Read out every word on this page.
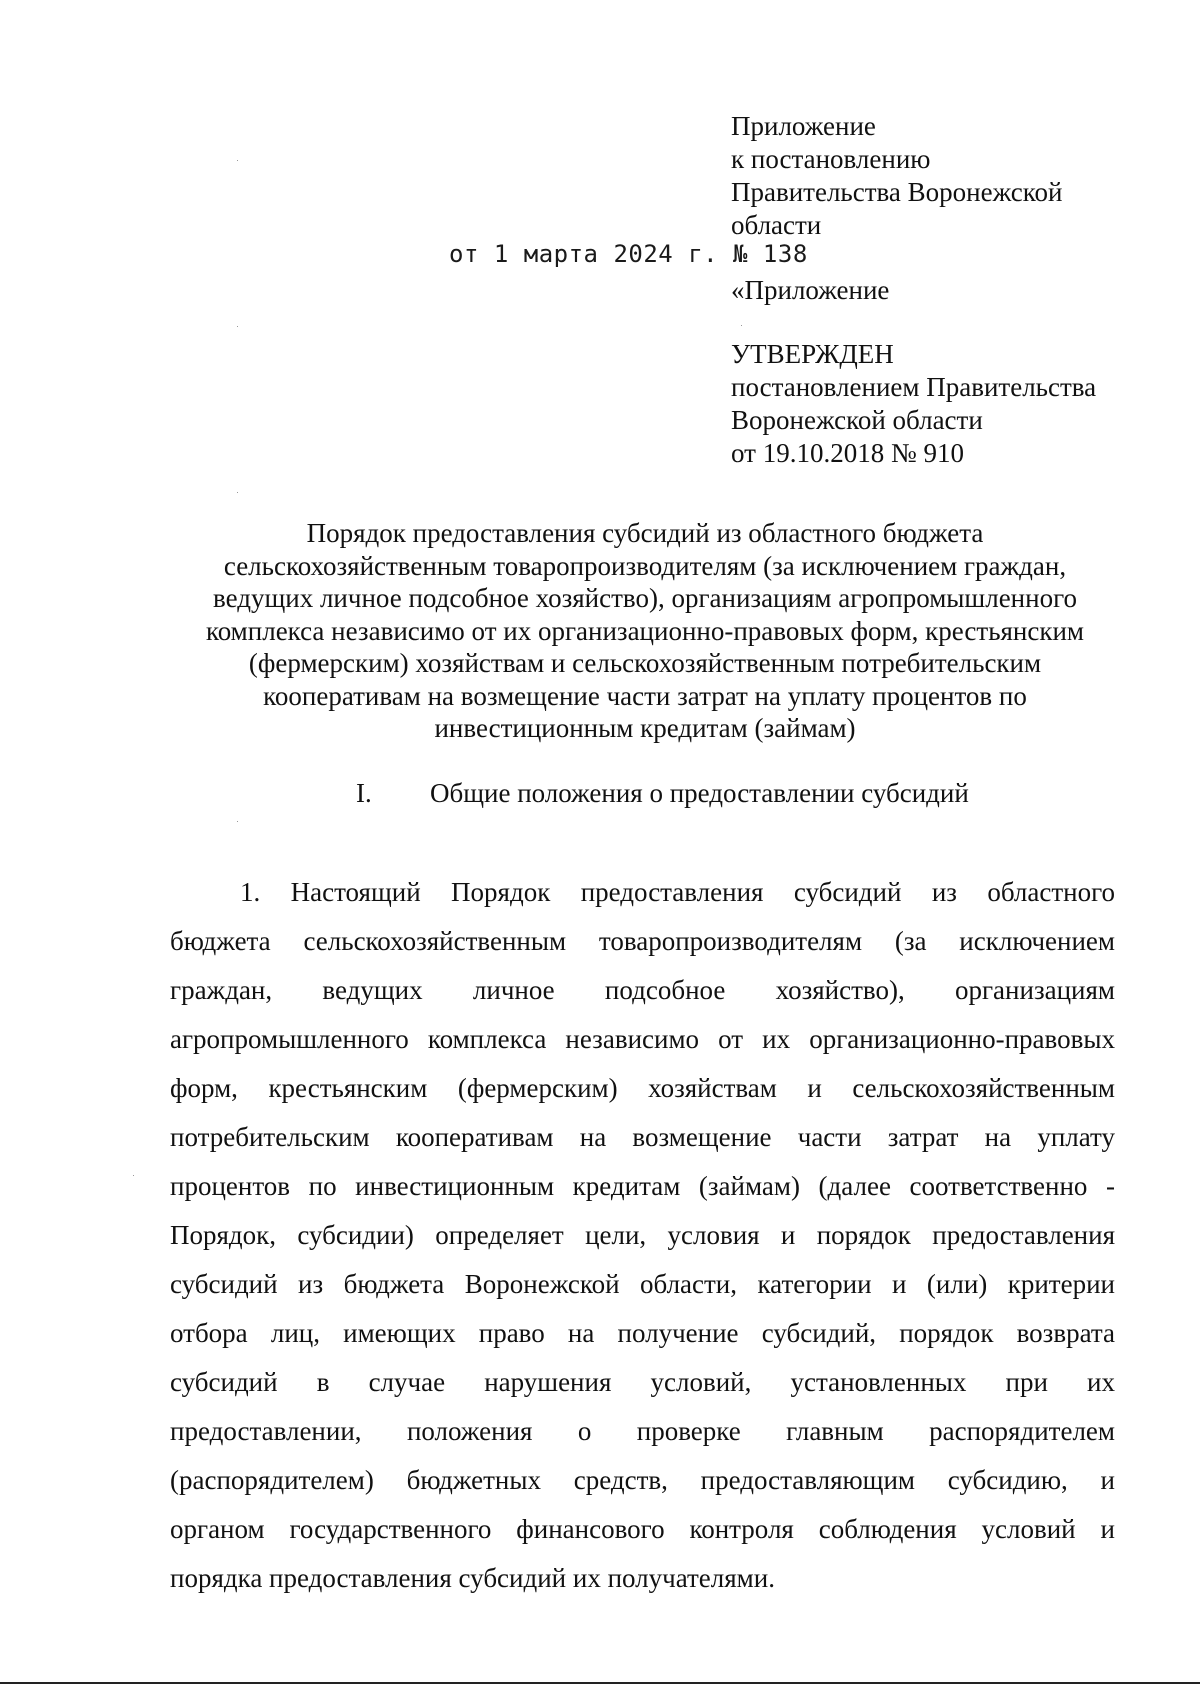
Приложение
к постановлению
Правительства Воронежской
области
от 1 марта 2024 г. № 138
«Приложение
УТВЕРЖДЕН
постановлением Правительства
Воронежской области
от 19.10.2018 № 910
Порядок предоставления субсидий из областного бюджета
сельскохозяйственным товаропроизводителям (за исключением граждан,
ведущих личное подсобное хозяйство), организациям агропромышленного
комплекса независимо от их организационно-правовых форм, крестьянским
(фермерским) хозяйствам и сельскохозяйственным потребительским
кооперативам на возмещение части затрат на уплату процентов по
инвестиционным кредитам (займам)
I. Общие положения о предоставлении субсидий
1. Настоящий Порядок предоставления субсидий из областного
бюджета сельскохозяйственным товаропроизводителям (за исключением
граждан, ведущих личное подсобное хозяйство), организациям
агропромышленного комплекса независимо от их организационно-правовых
форм, крестьянским (фермерским) хозяйствам и сельскохозяйственным
потребительским кооперативам на возмещение части затрат на уплату
процентов по инвестиционным кредитам (займам) (далее соответственно -
Порядок, субсидии) определяет цели, условия и порядок предоставления
субсидий из бюджета Воронежской области, категории и (или) критерии
отбора лиц, имеющих право на получение субсидий, порядок возврата
субсидий в случае нарушения условий, установленных при их
предоставлении, положения о проверке главным распорядителем
(распорядителем) бюджетных средств, предоставляющим субсидию, и
органом государственного финансового контроля соблюдения условий и
порядка предоставления субсидий их получателями.
